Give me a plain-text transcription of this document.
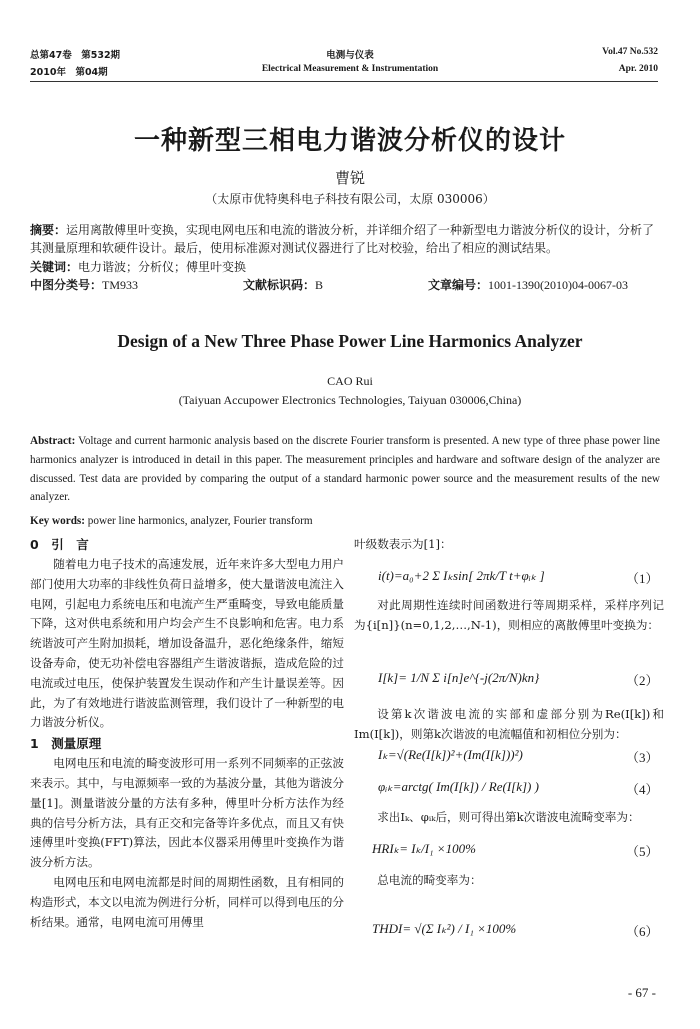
总第47卷　第532期
2010年　第04期
电测与仪表
Electrical Measurement & Instrumentation
Vol.47 No.532
Apr. 2010
一种新型三相电力谐波分析仪的设计
曹锐
（太原市优特奥科电子科技有限公司，太原 030006）
摘要：运用离散傅里叶变换，实现电网电压和电流的谐波分析，并详细介绍了一种新型电力谐波分析仪的设计，分析了其测量原理和软硬件设计。最后，使用标准源对测试仪器进行了比对校验，给出了相应的测试结果。
关键词：电力谐波；分析仪；傅里叶变换
中图分类号：TM933	文献标识码：B	文章编号：1001-1390(2010)04-0067-03
Design of a New Three Phase Power Line Harmonics Analyzer
CAO Rui
(Taiyuan Accupower Electronics Technologies, Taiyuan 030006,China)
Abstract: Voltage and current harmonic analysis based on the discrete Fourier transform is presented. A new type of three phase power line harmonics analyzer is introduced in detail in this paper. The measurement principles and hardware and software design of the analyzer are discussed. Test data are provided by comparing the output of a standard harmonic power source and the measurement results of the new analyzer.
Key words: power line harmonics, analyzer, Fourier transform
0　引　言

随着电力电子技术的高速发展，近年来许多大型电力用户部门使用大功率的非线性负荷日益增多，使大量谐波电流注入电网，引起电力系统电压和电流产生严重畸变，导致电能质量下降，这对供电系统和用户均会产生不良影响和危害。电力系统谐波可产生附加损耗，增加设备温升，恶化绝缘条件，缩短设备寿命，使无功补偿电容器组产生谐波谐振，造成危险的过电流或过电压，使保护装置发生误动作和产生计量误差等。因此，为了有效地进行谐波监测管理，我们设计了一种新型的电力谐波分析仪。

1　测量原理

电网电压和电流的畸变波形可用一系列不同频率的正弦波来表示。其中，与电源频率一致的为基波分量，其他为谐波分量[1]。测量谐波分量的方法有多种，傅里叶分析方法作为经典的信号分析方法，具有正交和完备等许多优点，而且又有快速傅里叶变换(FFT)算法，因此本仪器采用傅里叶变换作为谐波分析方法。

电网电压和电网电流都是时间的周期性函数，且有相同的构造形式，本文以电流为例进行分析，同样可以得到电压的分析结果。通常，电网电流可用傅里

叶级数表示为[1]：
i(t)=a₀+2 Σ Iₖsin[ 2πk/T t+φᵢₖ ]	（1）

对此周期性连续时间函数进行等周期采样，采样序列记为{i[n]}(n=0,1,2,…,N-1)，则相应的离散傅里叶变换为：

I[k]= 1/N Σ i[n]e^{-j(2π/N)kn}	（2）

设第k次谐波电流的实部和虚部分别为Re(I[k])和Im(I[k])，则第k次谐波的电流幅值和初相位分别为：

Iₖ=√(Re(I[k])²+(Im(I[k]))²)	（3）
φᵢₖ=arctg( Im(I[k]) / Re(I[k]) )	（4）

求出Iₖ、φᵢₖ后，则可得出第k次谐波电流畸变率为：

HRIₖ= Iₖ/I₁ ×100%	（5）

总电流的畸变率为：

THDI= √(Σ Iₖ²) / I₁ ×100%	（6）
- 67 -
